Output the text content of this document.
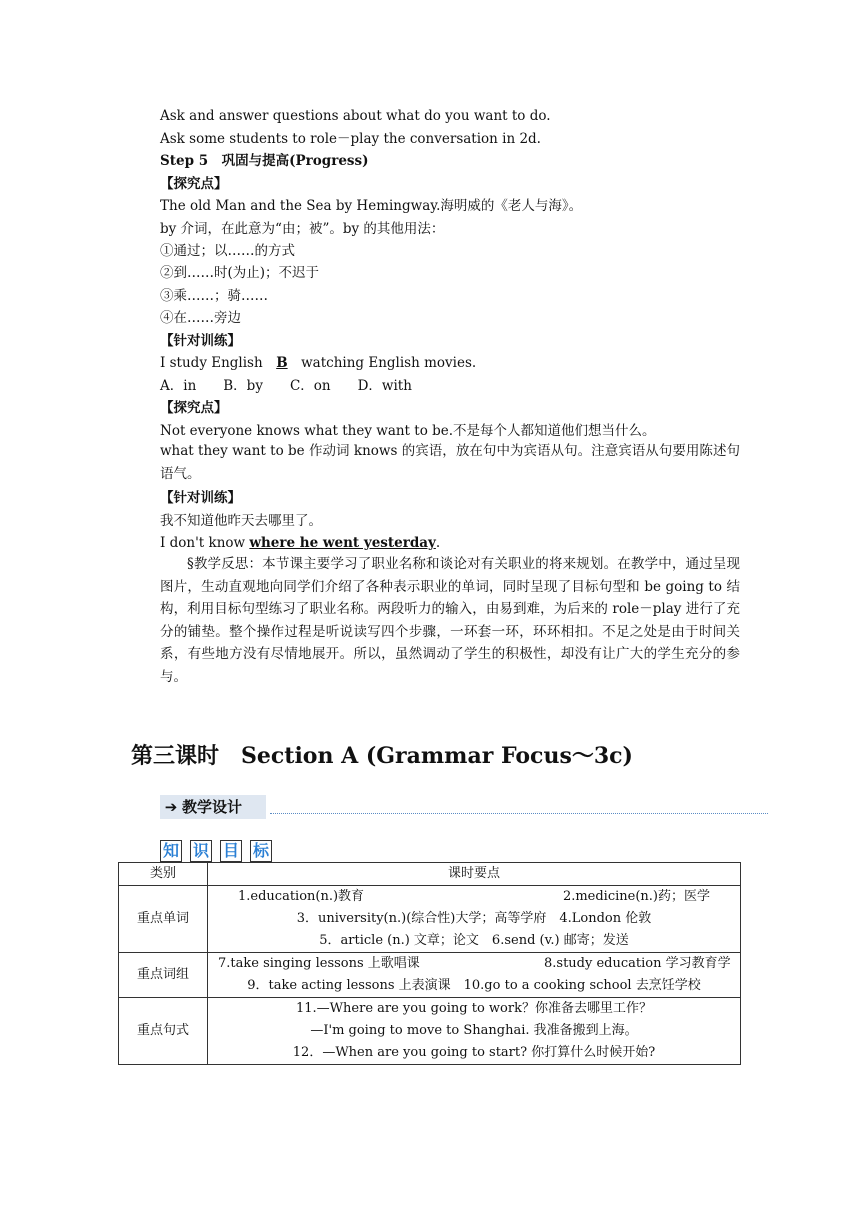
Ask and answer questions about what do you want to do.
Ask some students to role－play the conversation in 2d.
Step 5　巩固与提高(Progress)
【探究点】
The old Man and the Sea by Hemingway.海明威的《老人与海》。
by 介词，在此意为“由；被”。by 的其他用法：
①通过；以……的方式
②到……时(为止)；不迟于
③乘……；骑……
④在……旁边
【针对训练】
I study English　B　watching English movies.
A．in　　B．by　　C．on　　D．with
【探究点】
Not everyone knows what they want to be.不是每个人都知道他们想当什么。
what they want to be 作动词 knows 的宾语，放在句中为宾语从句。注意宾语从句要用陈述句语气。
【针对训练】
我不知道他昨天去哪里了。
I don't know where he went yesterday.
§教学反思：本节课主要学习了职业名称和谈论对有关职业的将来规划。在教学中，通过呈现图片，生动直观地向同学们介绍了各种表示职业的单词，同时呈现了目标句型和 be going to 结构，利用目标句型练习了职业名称。两段听力的输入，由易到难，为后来的 role－play 进行了充分的铺垫。整个操作过程是听说读写四个步骤，一环套一环，环环相扣。不足之处是由于时间关系，有些地方没有尽情地展开。所以，虽然调动了学生的积极性，却没有让广大的学生充分的参与。
第三课时　Section A (Grammar Focus～3c)
➔ 教学设计
知 识 目 标
类别	课时要点
重点单词	1.education(n.)教育 2.medicine(n.)药；医学
3．university(n.)(综合性)大学；高等学府　4.London 伦敦
5．article (n.) 文章；论文　6.send (v.) 邮寄；发送

重点词组	7.take singing lessons 上歌唱课 8.study education 学习教育学
9．take acting lessons 上表演课　10.go to a cooking school 去烹饪学校

重点句式	11.—Where are you going to work？你准备去哪里工作？
—I'm going to move to Shanghai. 我准备搬到上海。
12．—When are you going to start? 你打算什么时候开始?
